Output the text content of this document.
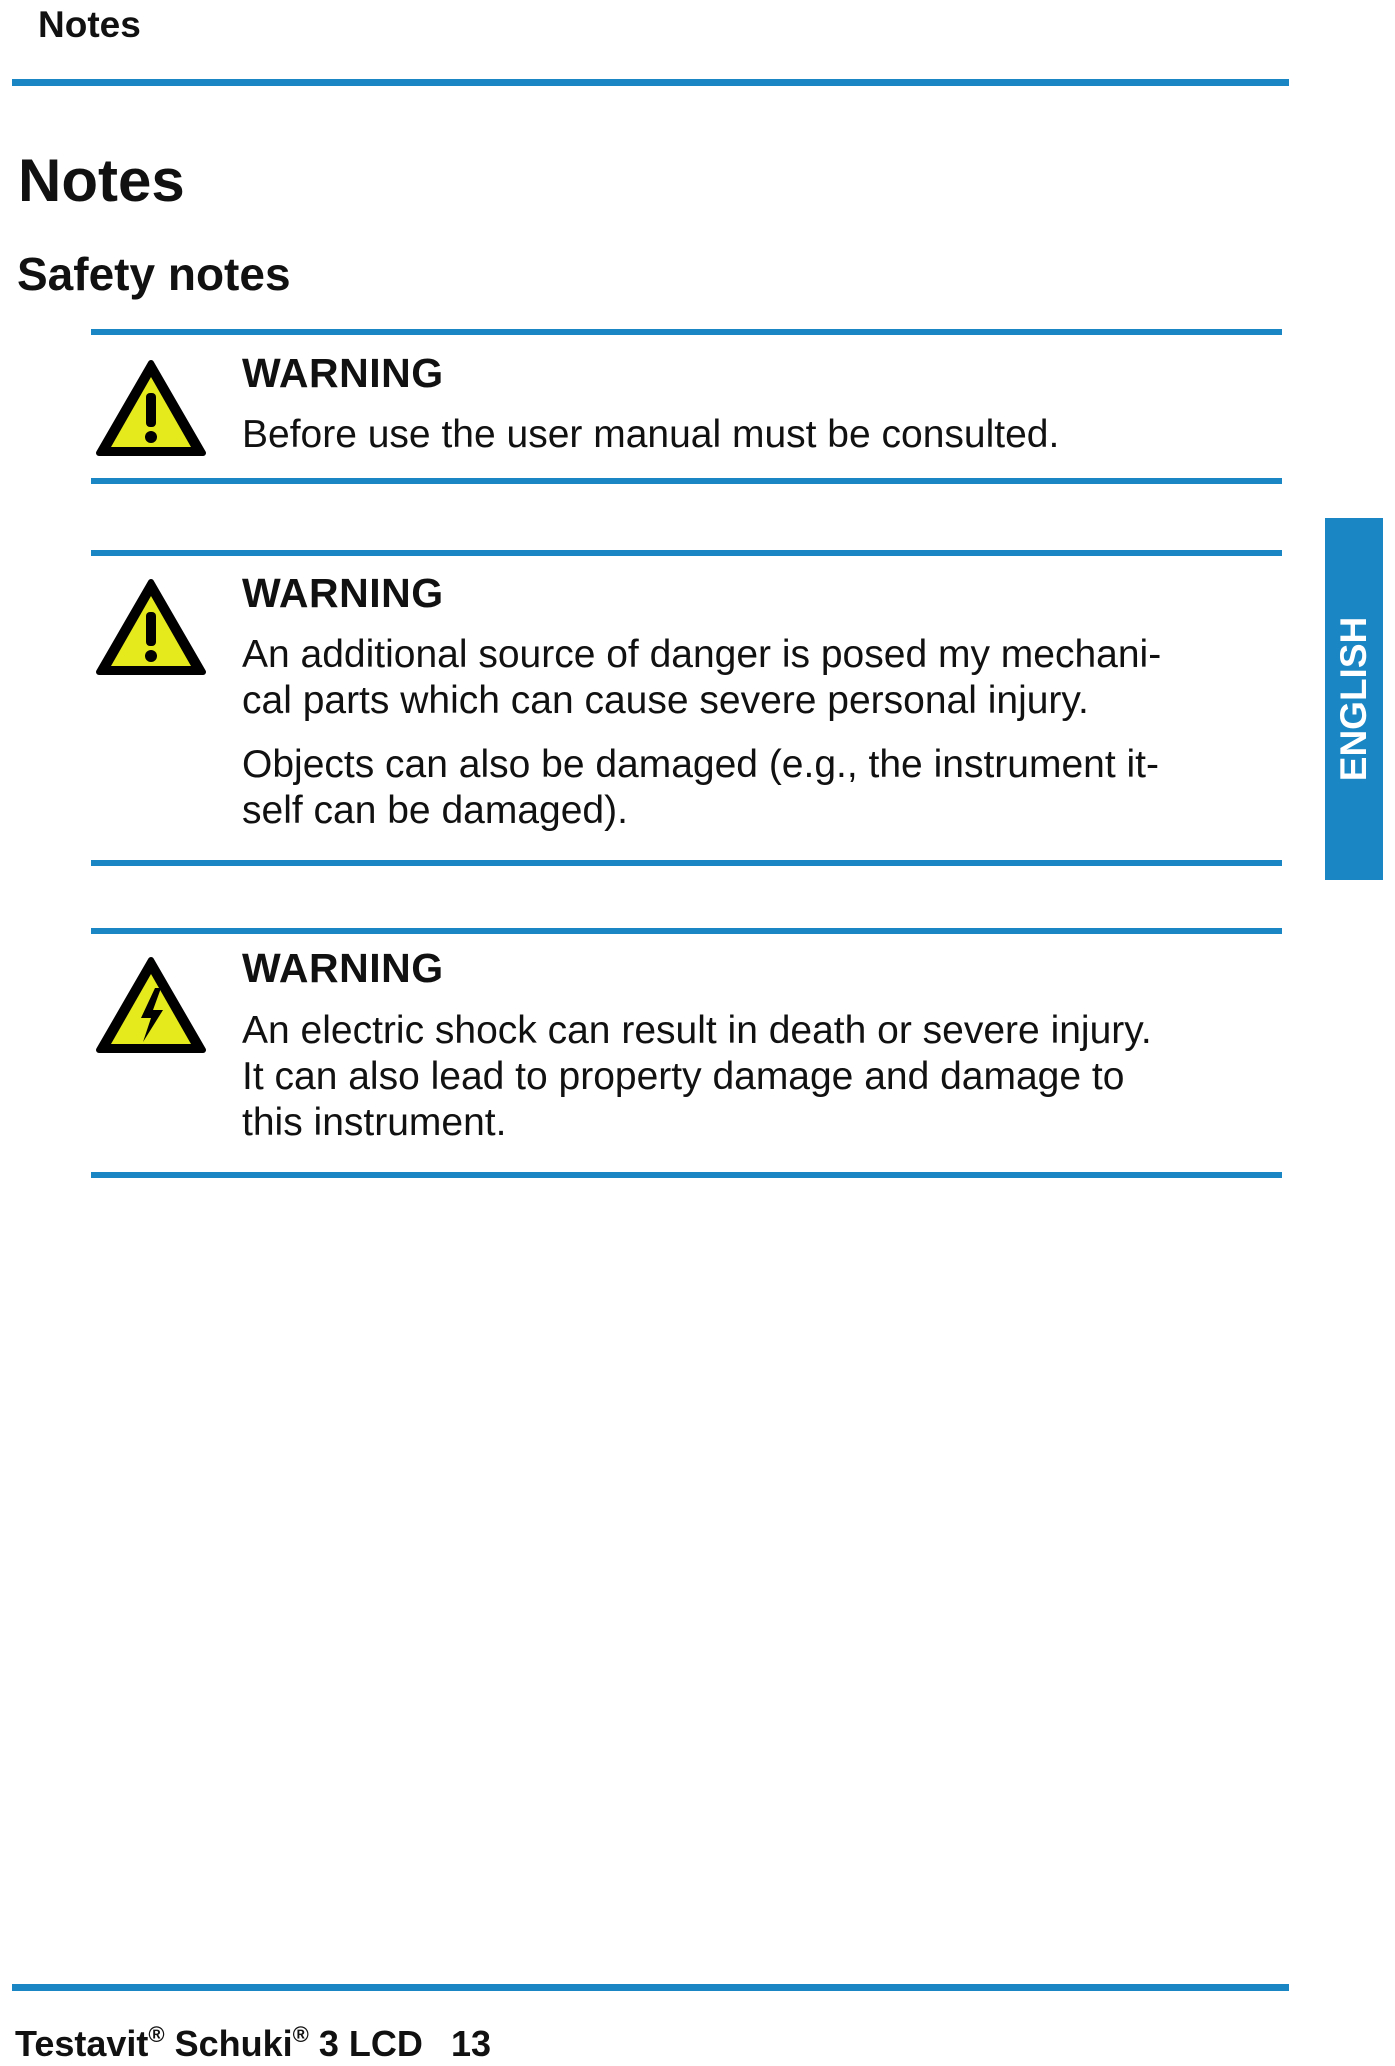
Notes
Notes
Safety notes
WARNING
Before use the user manual must be consulted.
WARNING
An additional source of danger is posed my mechani-
cal parts which can cause severe personal injury.
Objects can also be damaged (e.g., the instrument it-
self can be damaged).
WARNING
An electric shock can result in death or severe injury.
It can also lead to property damage and damage to
this instrument.
ENGLISH
Testavit® Schuki® 3 LCD 13
